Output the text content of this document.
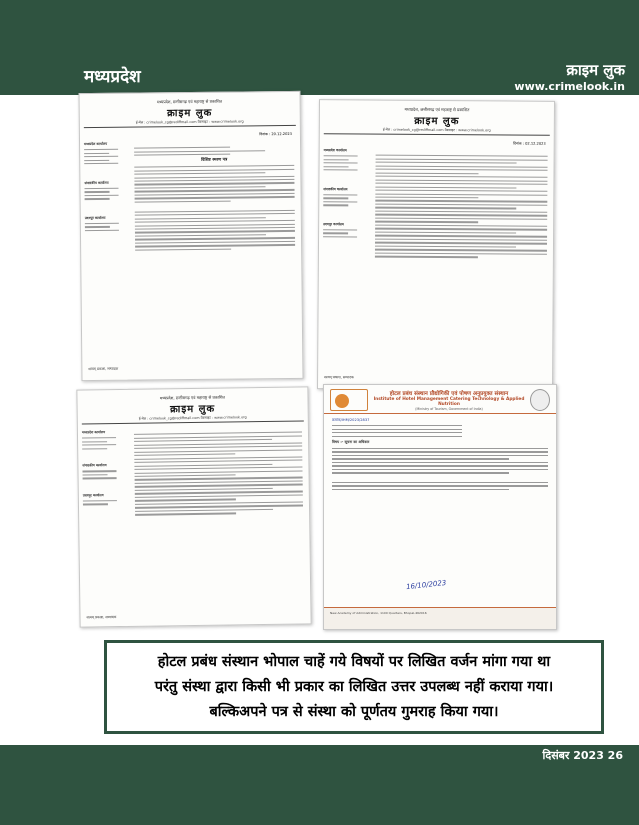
मध्यप्रदेश	क्राइम लुक
www.crimelook.in
मध्यप्रदेश, छत्तीसगढ़ एवं महाराष्ट्र से प्रकाशित
क्राइम लुक
ई-मेल : crimelook_cg@rediffmail.com वेबसाइट : www.crimelook.org
दिनांक : 20.12.2023
मध्यप्रदेश कार्यालय
संपादकीय कार्यालय
उदयपुर कार्यालय
विशिष्ट स्मरण पत्र
सत्यम् प्रकाश, सम्पादक
मध्यप्रदेश, छत्तीसगढ़ एवं महाराष्ट्र से प्रकाशित
क्राइम लुक
ई-मेल : crimelook_cg@rediffmail.com वेबसाइट : www.crimelook.org
दिनांक : 02.12.2023
मध्यप्रदेश कार्यालय
संपादकीय कार्यालय
उदयपुर कार्यालय
सत्यम् प्रकाश, सम्पादक
मध्यप्रदेश, छत्तीसगढ़ एवं महाराष्ट्र से प्रकाशित
क्राइम लुक
ई-मेल : crimelook_cg@rediffmail.com वेबसाइट : www.crimelook.org
मध्यप्रदेश कार्यालय
संपादकीय कार्यालय
उदयपुर कार्यालय
सत्यम् प्रकाश, सम्पादक
होटल प्रबंध संस्थान प्रौद्योगिकी एवं पोषण अनुप्रयुक्त संस्थान
Institute of Hotel Management Catering Technology & Applied Nutrition
(Ministry of Tourism, Government of India)
क्रमांक/IHM/2023/2837
विषय :- सूचना का अधिकार
16/10/2023
New Academy of Administration, 1100 Quarters, Bhopal-462016

होटल प्रबंध संस्थान भोपाल चाहें गये विषयों पर लिखित वर्जन मांगा गया था

परंतु संस्था द्वारा किसी भी प्रकार का लिखित उत्तर उपलब्ध नहीं कराया गया।

बल्किअपने पत्र से संस्था को पूर्णतय गुमराह किया गया।

दिसंबर 2023 26
